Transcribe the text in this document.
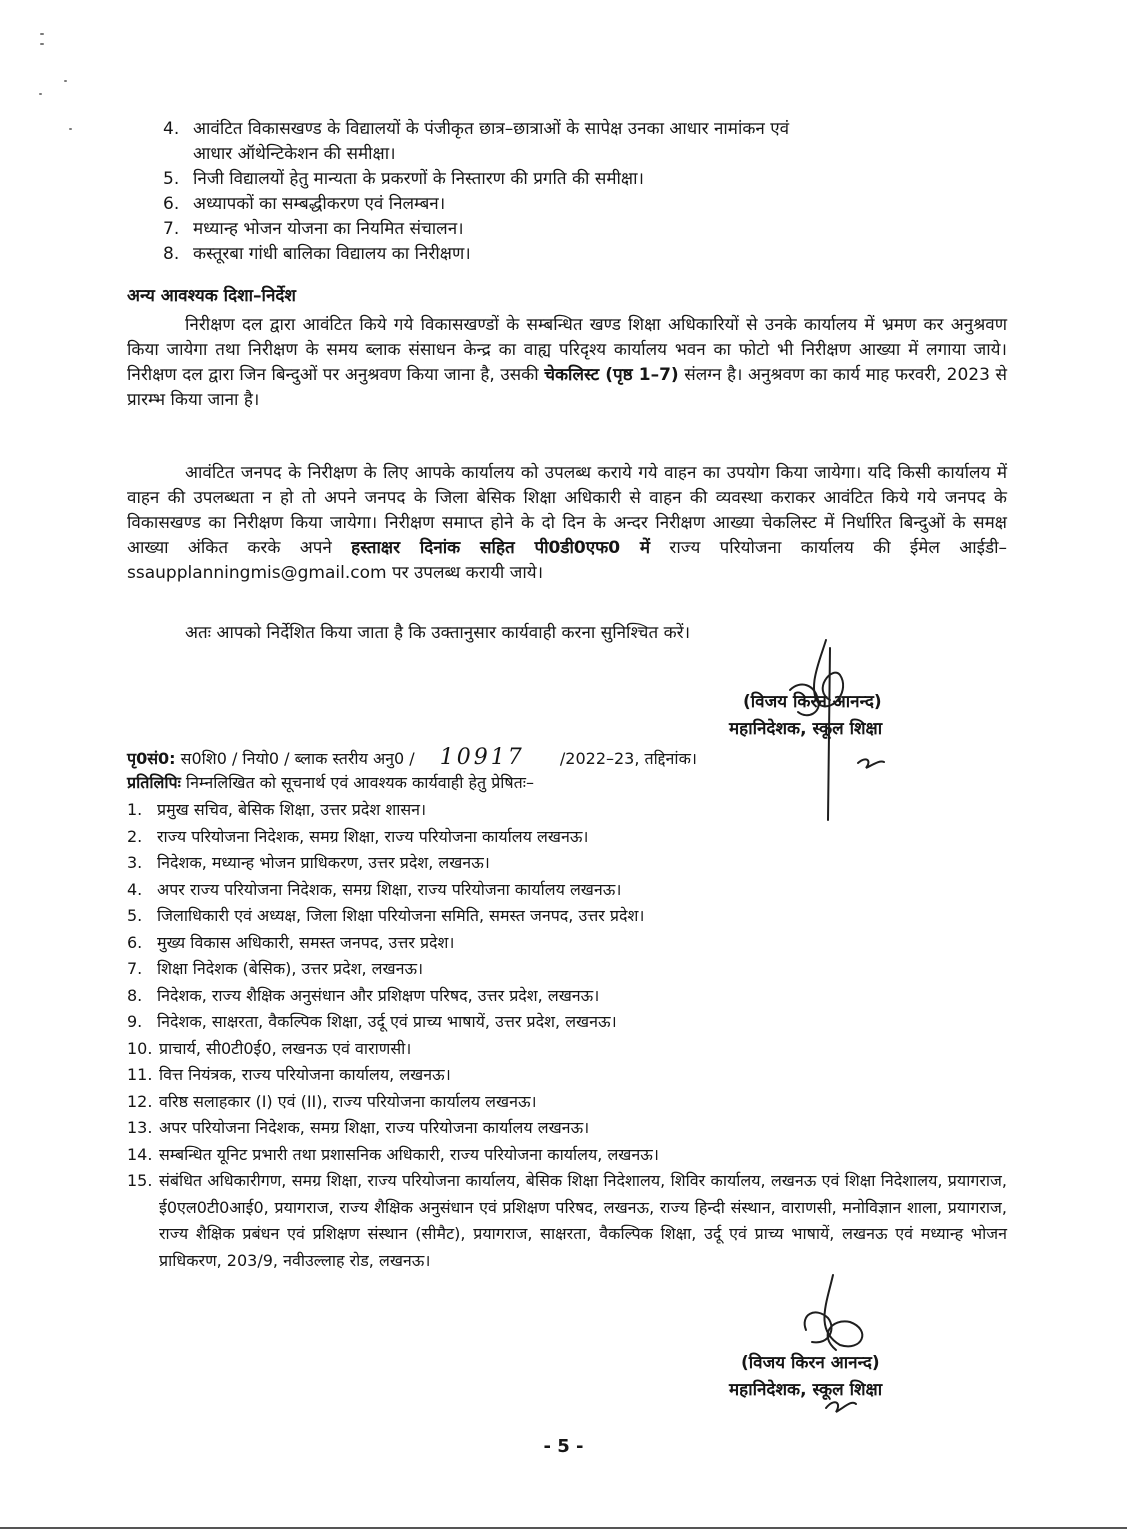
4. आवंटित विकासखण्ड के विद्यालयों के पंजीकृत छात्र–छात्राओं के सापेक्ष उनका आधार नामांकन एवं
आधार ऑथेन्टिकेशन की समीक्षा।
5. निजी विद्यालयों हेतु मान्यता के प्रकरणों के निस्तारण की प्रगति की समीक्षा।
6. अध्यापकों का सम्बद्धीकरण एवं निलम्बन।
7. मध्यान्ह भोजन योजना का नियमित संचालन।
8. कस्तूरबा गांधी बालिका विद्यालय का निरीक्षण।
अन्य आवश्यक दिशा–निर्देश

निरीक्षण दल द्वारा आवंटित किये गये विकासखण्डों के सम्बन्धित खण्ड शिक्षा अधिकारियों से उनके कार्यालय में भ्रमण कर अनुश्रवण किया जायेगा तथा निरीक्षण के समय ब्लाक संसाधन केन्द्र का वाह्य परिदृश्य कार्यालय भवन का फोटो भी निरीक्षण आख्या में लगाया जाये। निरीक्षण दल द्वारा जिन बिन्दुओं पर अनुश्रवण किया जाना है, उसकी चेकलिस्ट (पृष्ठ 1–7) संलग्न है। अनुश्रवण का कार्य माह फरवरी, 2023 से प्रारम्भ किया जाना है।

आवंटित जनपद के निरीक्षण के लिए आपके कार्यालय को उपलब्ध कराये गये वाहन का उपयोग किया जायेगा। यदि किसी कार्यालय में वाहन की उपलब्धता न हो तो अपने जनपद के जिला बेसिक शिक्षा अधिकारी से वाहन की व्यवस्था कराकर आवंटित किये गये जनपद के विकासखण्ड का निरीक्षण किया जायेगा। निरीक्षण समाप्त होने के दो दिन के अन्दर निरीक्षण आख्या चेकलिस्ट में निर्धारित बिन्दुओं के समक्ष आख्या अंकित करके अपने हस्ताक्षर दिनांक सहित पी0डी0एफ0 में राज्य परियोजना कार्यालय की ईमेल आईडी– ssaupplanningmis@gmail.com पर उपलब्ध करायी जाये।

अतः आपको निर्देशित किया जाता है कि उक्तानुसार कार्यवाही करना सुनिश्चित करें।

(विजय किरन आनन्द)
महानिदेशक, स्कूल शिक्षा
पृ0सं0: स0शि0 / नियो0 / ब्लाक स्तरीय अनु0 / 10917 /2022–23, तद्दिनांक।
प्रतिलिपिः निम्नलिखित को सूचनार्थ एवं आवश्यक कार्यवाही हेतु प्रेषितः–
1. प्रमुख सचिव, बेसिक शिक्षा, उत्तर प्रदेश शासन।
2. राज्य परियोजना निदेशक, समग्र शिक्षा, राज्य परियोजना कार्यालय लखनऊ।
3. निदेशक, मध्यान्ह भोजन प्राधिकरण, उत्तर प्रदेश, लखनऊ।
4. अपर राज्य परियोजना निदेशक, समग्र शिक्षा, राज्य परियोजना कार्यालय लखनऊ।
5. जिलाधिकारी एवं अध्यक्ष, जिला शिक्षा परियोजना समिति, समस्त जनपद, उत्तर प्रदेश।
6. मुख्य विकास अधिकारी, समस्त जनपद, उत्तर प्रदेश।
7. शिक्षा निदेशक (बेसिक), उत्तर प्रदेश, लखनऊ।
8. निदेशक, राज्य शैक्षिक अनुसंधान और प्रशिक्षण परिषद, उत्तर प्रदेश, लखनऊ।
9. निदेशक, साक्षरता, वैकल्पिक शिक्षा, उर्दू एवं प्राच्य भाषायें, उत्तर प्रदेश, लखनऊ।
10. प्राचार्य, सी0टी0ई0, लखनऊ एवं वाराणसी।
11. वित्त नियंत्रक, राज्य परियोजना कार्यालय, लखनऊ।
12. वरिष्ठ सलाहकार (I) एवं (II), राज्य परियोजना कार्यालय लखनऊ।
13. अपर परियोजना निदेशक, समग्र शिक्षा, राज्य परियोजना कार्यालय लखनऊ।
14. सम्बन्धित यूनिट प्रभारी तथा प्रशासनिक अधिकारी, राज्य परियोजना कार्यालय, लखनऊ।
15. संबंधित अधिकारीगण, समग्र शिक्षा, राज्य परियोजना कार्यालय, बेसिक शिक्षा निदेशालय, शिविर कार्यालय, लखनऊ एवं शिक्षा निदेशालय, प्रयागराज, ई0एल0टी0आई0, प्रयागराज, राज्य शैक्षिक अनुसंधान एवं प्रशिक्षण परिषद, लखनऊ, राज्य हिन्दी संस्थान, वाराणसी, मनोविज्ञान शाला, प्रयागराज, राज्य शैक्षिक प्रबंधन एवं प्रशिक्षण संस्थान (सीमैट), प्रयागराज, साक्षरता, वैकल्पिक शिक्षा, उर्दू एवं प्राच्य भाषायें, लखनऊ एवं मध्यान्ह भोजन प्राधिकरण, 203/9, नवीउल्लाह रोड, लखनऊ।
(विजय किरन आनन्द)
महानिदेशक, स्कूल शिक्षा
- 5 -
